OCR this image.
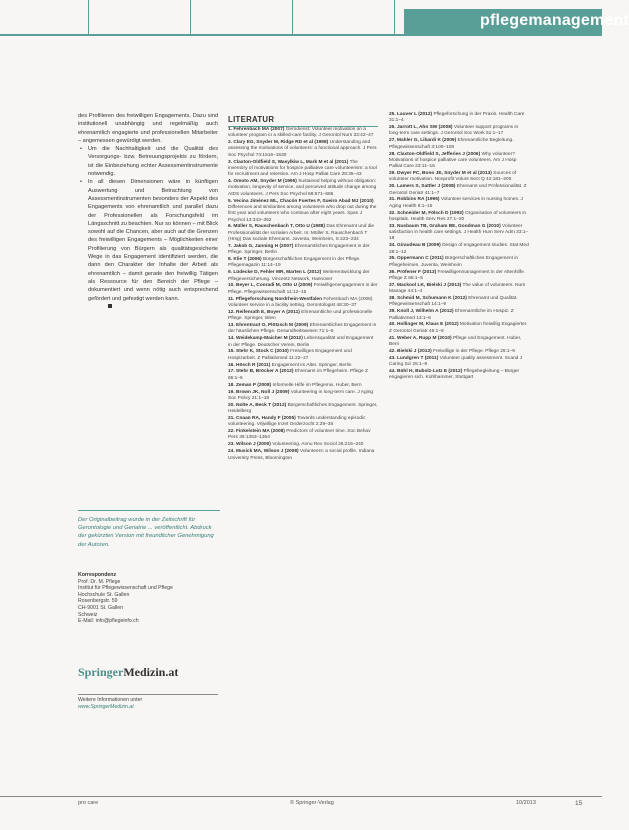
pflegemanagement

des Profilieren des freiwilligen Engagements. Dazu sind institutionell unabhängig und regelmäßig auch ehrenamtlich engagierte und professionellen Mitarbeiter – angemessen gewürdigt werden.

• Um die Nachhaltigkeit und die Qualität des Versorgungs- bzw. Betreuungsprojekts zu fördern, ist die Einbeziehung echter Assessmentinstrumente notwendig.
• In all diesen Dimensionen wäre in künftigen Auswertung und Betrachtung von Assessmentinstrumenten besonders der Aspekt des Engagements von ehrenamtlich und parallel dazu der Professionellen als Forschungsfeld im Längsschnitt zu beachten. Nur so können – mit Blick sowohl auf die Chancen, aber auch auf die Grenzen des freiwilligen Engagements – Möglichkeiten einer Profilierung von Bürgern als qualitätsgesicherte Wege in das Engagement identifiziert werden, die dann den Charakter der Inhalte der Arbeit als ehrenamtlich – damit gerade den freiwillig Tätigen als Ressource für den Bereich der Pflege – dokumentiert und wenn nötig auch entsprechend gefördert und gefestigt werden kann.
Der Originalbeitrag wurde in der Zeitschrift für Gerontologie und Geriatrie ... veröffentlicht. Abdruck der gekürzten Version mit freundlicher Genehmigung der Autoren.
Korrespondenz
Prof. Dr. M. Pflege
Institut für Pflegewissenschaft und Pflege
Hochschule St. Gallen
Rosenbergstr. 59
CH-9001 St. Gallen
Schweiz
E-Mail: info@pflegeinfo.ch
SpringerMedizin.at
Weitere Informationen unter
www.SpringerMedizin.at
LITERATUR
1. Fehrenbach MA (2007) Gerodienst: Volunteer motivation on a volunteer program in a skilled-care facility. J Gerontol Nurs 33:42–47
2. Clary EG, Snyder M, Ridge RD et al (1998) Understanding and assessing the motivations of volunteers: a functional approach. J Pers Soc Psychol 74:1516–1530
3. Claxton-Oldfield S, Wasylkiw L, Mark M et al (2011) The inventory of motivations for hospice palliative care volunteerism: a tool for recruitment and retention. Am J Hosp Palliat Care 28:35–43
4. Omoto AM, Snyder M (1995) Sustained helping without obligation: motivation, longevity of service, and perceived attitude change among AIDS volunteers. J Pers Soc Psychol 68:671–686
5. Vecina Jiménez ML, Chacón Fuertes F, Sueiro Abad MJ (2010) Differences and similarities among volunteers who drop out during the first year and volunteers who continue after eight years. Span J Psychol 13:343–352
6. Müller S, Rauschenbach T, Otto U (1988) Das Ehrenamt und die Professionalität der sozialen Arbeit. In: Müller S, Rauschenbach T (Hrsg) Das soziale Ehrenamt. Juventa, Weinheim, S 223–234
7. Jakob G, Janning H (2007) Ehrenamtliches Engagement in der Pflege. Springer, Berlin
8. Klie T (2006) Bürgerschaftliches Engagement in der Pflege. Pflegemagazin 11:14–19
9. Lüdecke D, Fehler MR, Marten L (2012) Weiterentwicklung der Pflegeversicherung. Vincentz Network, Hannover
10. Beyer L, Conradi M, Otto U (2009) Freiwilligenengagement in der Pflege. Pflegewissenschaft 11:12–15
11. Pflegeforschung Nordrhein-Westfalen Fehrenbach MA (2008) Volunteer service in a facility setting. Gerontologist 48:30–37
12. Reifenrath E, Boyer A (2011) Ehrenamtliche und professionelle Pflege. Springer, Wien
13. Ehrentraut O, Plötzsch M (2009) Ehrenamtliches Engagement in der häuslichen Pflege. Gesundheitswesen 71:1–5
14. Weidekamp-Maicher M (2012) Lebensqualität und Engagement in der Pflege. Deutscher Verein, Berlin
15. Stehr K, Stock C (2010) Freiwilliges Engagement und Hospizarbeit. Z Palliativmed 11:22–27
16. Hösch R (2011) Engagement im Alter. Springer, Berlin
17. Stehr B, Bröcker A (2012) Ehrenamt im Pflegeheim. Pflege Z 65:1–6
18. Zeman P (2008) Informelle Hilfe im Pflegemix. Huber, Bern
19. Brown JK, Noll J (2009) Volunteering in long-term care. J Aging Soc Policy 21:1–18
20. Nolte A, Beck T (2012) Bürgerschaftliches Engagement. Springer, Heidelberg
21. Cnaan RA, Handy F (2005) Towards understanding episodic volunteering. Vrijwillige Inzet Onderzocht 2:29–35
22. Finkelstein MA (2008) Predictors of volunteer time. Soc Behav Pers 36:1353–1364
23. Wilson J (2000) Volunteering. Annu Rev Sociol 26:215–240
24. Musick MA, Wilson J (2008) Volunteers: a social profile. Indiana University Press, Bloomington
25. Lauver L (2012) Pflegeforschung in der Praxis. Health Care 31:1–4
26. Jarrott L, Ahn SW (2008) Volunteer support programs in long-term care settings. J Gerontol Soc Work 51:1–17
27. Mahler G, Libardi K (2009) Ehrenamtliche Begleitung. Pflegewissenschaft 3:100–108
28. Claxton-Oldfield S, Jefferies J (2006) Why volunteer? Motivations of hospice palliative care volunteers. Am J Hosp Palliat Care 23:11–16
29. Dwyer PC, Bono JE, Snyder M et al (2013) Sources of volunteer motivation. Nonprofit Volunt Sect Q 42:181–205
30. Lamers S, Sattler J (2008) Ehrenamt und Professionalität. Z Gerontol Geriatr 41:1–7
31. Robbins RA (1996) Volunteer services in nursing homes. J Aging Health 8:1–15
32. Schneider M, Fölsch D (1992) Organisation of volunteers in hospitals. Health Serv Res 27:1–20
33. Nusbaum TB, Graham BE, Goodman G (2010) Volunteer satisfaction in health care settings. J Health Hum Serv Adm 33:1–18
34. Giraudeau B (2009) Design of engagement studies. Stat Med 28:1–12
35. Oppermann C (2011) Bürgerschaftliches Engagement in Pflegeheimen. Juventa, Weinheim
36. Pröfener F (2013) Freiwilligenmanagement in der Altenhilfe. Pflege Z 66:1–5
37. Mackool LK, Bielski J (2013) The value of volunteers. Nurs Manage 44:1–4
38. Schmid M, Schumann K (2012) Ehrenamt und Qualität. Pflegewissenschaft 14:1–9
39. Knoll J, Wilhelm A (2012) Ehrenamtliche im Hospiz. Z Palliativmed 13:1–6
40. Hollinger M, Klaus E (2012) Motivation freiwillig Engagierter. Z Gerontol Geriatr 45:1–8
41. Weber A, Rupp M (2010) Pflege und Engagement. Huber, Bern
42. Bielski J (2013) Freiwillige in der Pflege. Pflege 26:1–9
43. Lundgren T (2011) Volunteer quality assessment. Scand J Caring Sci 25:1–8
44. Bühl H, Bubolz-Lutz E (2012) Pflegebegleitung – Bürger engagieren sich. Kohlhammer, Stuttgart
pro care	© Springer-Verlag	10/2013	15
